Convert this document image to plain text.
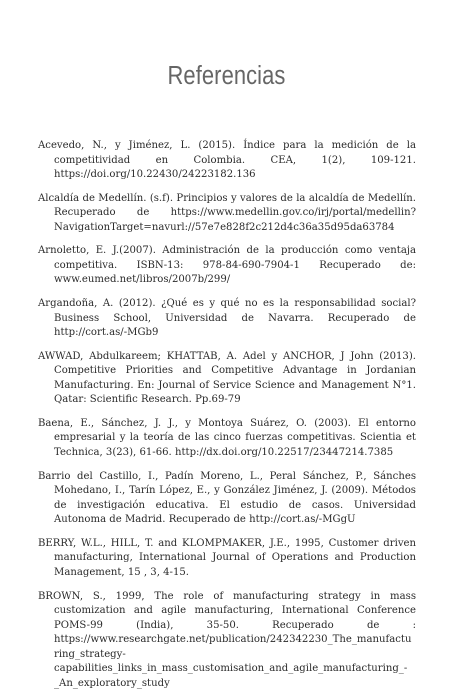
Referencias

Acevedo, N., y Jiménez, L. (2015). Índice para la medición de la competitividad en Colombia. CEA, 1(2), 109-121. https://doi.org/10.22430/24223182.136

Alcaldía de Medellín. (s.f). Principios y valores de la alcaldía de Medellín. Recuperado de https://www.medellin.gov.co/irj/portal/medellin?NavigationTarget=navurl://57e7e828f2c212d4c36a35d95da63784

Arnoletto, E. J.(2007). Administración de la producción como ventaja competitiva. ISBN-13: 978-84-690-7904-1 Recuperado de: www.eumed.net/libros/2007b/299/

Argandoña, A. (2012). ¿Qué es y qué no es la responsabilidad social? Business School, Universidad de Navarra. Recuperado de http://cort.as/-MGb9

AWWAD, Abdulkareem; KHATTAB, A. Adel y ANCHOR, J John (2013). Competitive Priorities and Competitive Advantage in Jordanian Manufacturing. En: Journal of Service Science and Management N°1. Qatar: Scientific Research. Pp.69-79

Baena, E., Sánchez, J. J., y Montoya Suárez, O. (2003). El entorno empresarial y la teoría de las cinco fuerzas competitivas. Scientia et Technica, 3(23), 61-66. http://dx.doi.org/10.22517/23447214.7385

Barrio del Castillo, I., Padín Moreno, L., Peral Sánchez, P., Sánches Mohedano, I., Tarín López, E., y González Jiménez, J. (2009). Métodos de investigación educativa. El estudio de casos. Universidad Autonoma de Madrid. Recuperado de http://cort.as/-MGgU

BERRY, W.L., HILL, T. and KLOMPMAKER, J.E., 1995, Customer driven manufacturing, International Journal of Operations and Production Management, 15 , 3, 4-15.

BROWN, S., 1999, The role of manufacturing strategy in mass customization and agile manufacturing, International Conference POMS-99 (India), 35-50. Recuperado de : https://www.researchgate.net/publication/242342230_The_manufacturing_strategy-capabilities_links_in_mass_customisation_and_agile_manufacturing_-_An_exploratory_study
